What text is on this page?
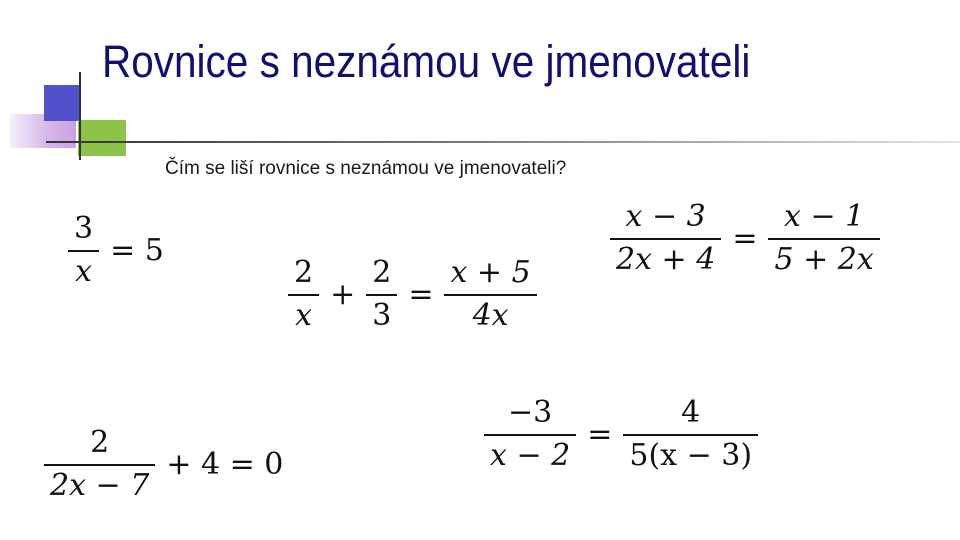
Rovnice s neznámou ve jmenovateli
Čím se liší rovnice s neznámou ve jmenovateli?
$\frac{3}{x} = 5$
$\frac{2}{x} + \frac{2}{3} = \frac{x + 5}{4x}$
$\frac{x - 3}{2x + 4} = \frac{x - 1}{5 + 2x}$
$\frac{2}{2x - 7} + 4 = 0$	$\frac{-3}{x - 2} = \frac{4}{5(x - 3)}$
